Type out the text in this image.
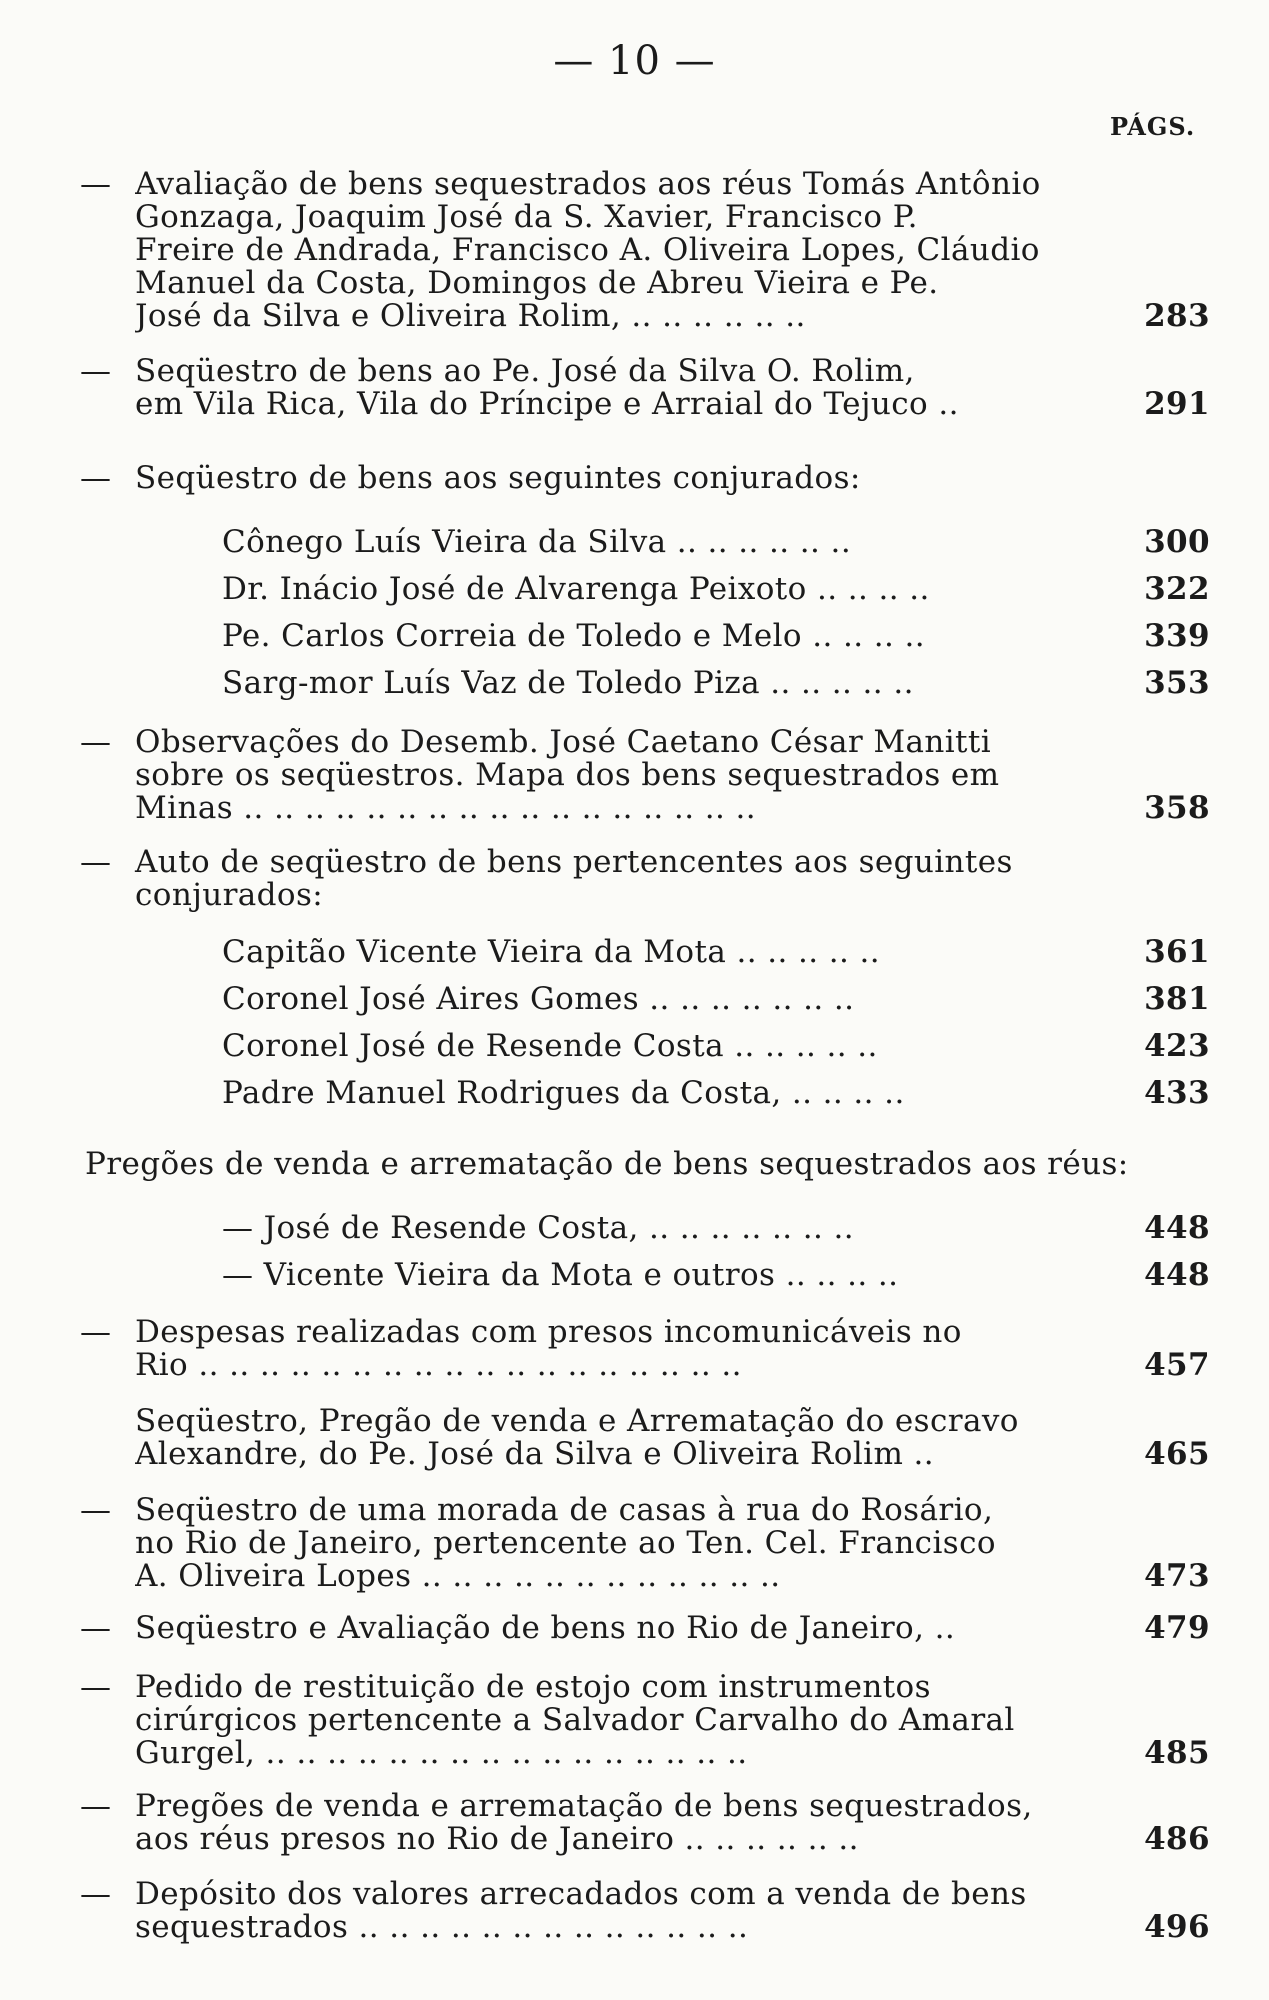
— 10 —
PÁGS.
— Avaliação de bens sequestrados aos réus Tomás Antônio
Gonzaga, Joaquim José da S. Xavier, Francisco P.
Freire de Andrada, Francisco A. Oliveira Lopes, Cláudio
Manuel da Costa, Domingos de Abreu Vieira e Pe.
José da Silva e Oliveira Rolim, .. .. .. .. .. ..	283
— Seqüestro de bens ao Pe. José da Silva O. Rolim,
em Vila Rica, Vila do Príncipe e Arraial do Tejuco ..	291
— Seqüestro de bens aos seguintes conjurados:
Cônego Luís Vieira da Silva .. .. .. .. .. ..	300
Dr. Inácio José de Alvarenga Peixoto .. .. .. ..	322
Pe. Carlos Correia de Toledo e Melo .. .. .. ..	339
Sarg-mor Luís Vaz de Toledo Piza .. .. .. .. ..	353
— Observações do Desemb. José Caetano César Manitti
sobre os seqüestros. Mapa dos bens sequestrados em
Minas .. .. .. .. .. .. .. .. .. .. .. .. .. .. .. .. ..	358
— Auto de seqüestro de bens pertencentes aos seguintes
conjurados:
Capitão Vicente Vieira da Mota .. .. .. .. ..	361
Coronel José Aires Gomes .. .. .. .. .. .. ..	381
Coronel José de Resende Costa .. .. .. .. ..	423
Padre Manuel Rodrigues da Costa, .. .. .. ..	433
Pregões de venda e arrematação de bens sequestrados aos réus:
— José de Resende Costa, .. .. .. .. .. .. ..	448
— Vicente Vieira da Mota e outros .. .. .. ..	448
— Despesas realizadas com presos incomunicáveis no
Rio .. .. .. .. .. .. .. .. .. .. .. .. .. .. .. .. .. ..	457
Seqüestro, Pregão de venda e Arrematação do escravo
Alexandre, do Pe. José da Silva e Oliveira Rolim ..	465
— Seqüestro de uma morada de casas à rua do Rosário,
no Rio de Janeiro, pertencente ao Ten. Cel. Francisco
A. Oliveira Lopes .. .. .. .. .. .. .. .. .. .. .. ..	473
— Seqüestro e Avaliação de bens no Rio de Janeiro, ..	479
— Pedido de restituição de estojo com instrumentos
cirúrgicos pertencente a Salvador Carvalho do Amaral
Gurgel, .. .. .. .. .. .. .. .. .. .. .. .. .. .. .. ..	485
— Pregões de venda e arrematação de bens sequestrados,
aos réus presos no Rio de Janeiro .. .. .. .. .. ..	486
— Depósito dos valores arrecadados com a venda de bens
sequestrados .. .. .. .. .. .. .. .. .. .. .. .. ..	496
